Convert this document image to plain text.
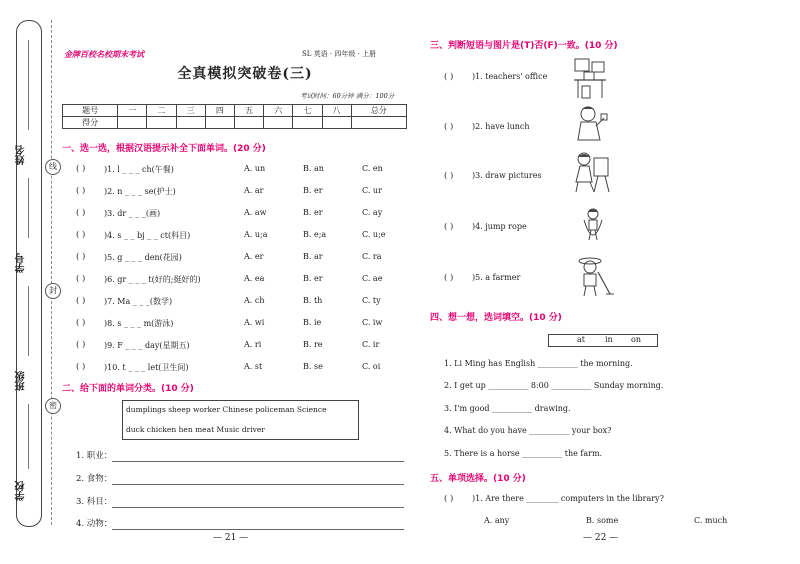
姓名
学号
班级
学校
线
封
密
金牌百校名校期末考试	SL 英语 · 四年级 · 上册
全真模拟突破卷(三)
考试时间：60分钟 满分：100分
题号	一	二	三	四	五	六	七	八	总分
得分									
一、选一选，根据汉语提示补全下面单词。(20 分)
( ) )1. l _ _ _ ch(午餐)	A. un	B. an	C. en
( ) )2. n _ _ _ se(护士)	A. ar	B. er	C. ur
( ) )3. dr _ _ _(画)	A. aw	B. er	C. ay
( ) )4. s _ _ bj _ _ ct(科目)	A. u;a	B. e;a	C. u;e
( ) )5. g _ _ _ den(花园)	A. er	B. ar	C. ra
( ) )6. gr _ _ _ t(好的;挺好的)	A. ea	B. er	C. ae
( ) )7. Ma _ _ _(数学)	A. ch	B. th	C. ty
( ) )8. s _ _ _ m(游泳)	A. wi	B. ie	C. iw
( ) )9. F _ _ _ day(星期五)	A. ri	B. re	C. ir
( ) )10. t _ _ _ let(卫生间)	A. st	B. se	C. oi
二、给下面的单词分类。(10 分)
dumplings sheep worker Chinese policeman Science
duck chicken hen meat Music driver
1. 职业：
2. 食物：
3. 科目：
4. 动物：
— 21 —
三、判断短语与图片是(T)否(F)一致。(10 分)
( ) )1. teachers' office
( ) )2. have lunch
( ) )3. draw pictures
( ) )4. jump rope
( ) )5. a farmer
四、想一想，选词填空。(10 分)
at	in on
1. Li Ming has English __________ the morning.
2. I get up __________ 8:00 __________ Sunday morning.
3. I'm good __________ drawing.
4. What do you have __________ your box?
5. There is a horse __________ the farm.
五、单项选择。(10 分)
( ) )1. Are there ________ computers in the library?
A. any	B. some	C. much
— 22 —
